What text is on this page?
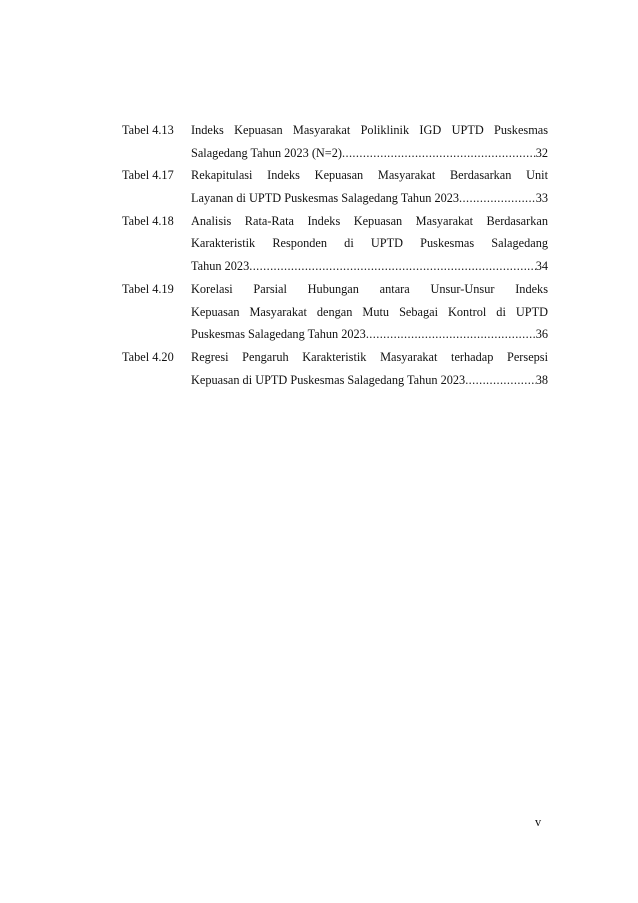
Tabel 4.13	Indeks Kepuasan Masyarakat Poliklinik IGD UPTD Puskesmas
Salagedang Tahun 2023 (N=2) .....	32
Tabel 4.17	Rekapitulasi Indeks Kepuasan Masyarakat Berdasarkan Unit
Layanan di UPTD Puskesmas Salagedang Tahun 2023 .....	33
Tabel 4.18	Analisis Rata-Rata Indeks Kepuasan Masyarakat Berdasarkan
Karakteristik Responden di UPTD Puskesmas Salagedang
Tahun 2023 .....	34
Tabel 4.19	Korelasi Parsial Hubungan antara Unsur-Unsur Indeks
Kepuasan Masyarakat dengan Mutu Sebagai Kontrol di UPTD
Puskesmas Salagedang Tahun 2023 .....	36
Tabel 4.20	Regresi Pengaruh Karakteristik Masyarakat terhadap Persepsi
Kepuasan di UPTD Puskesmas Salagedang Tahun 2023 .....	38
v
